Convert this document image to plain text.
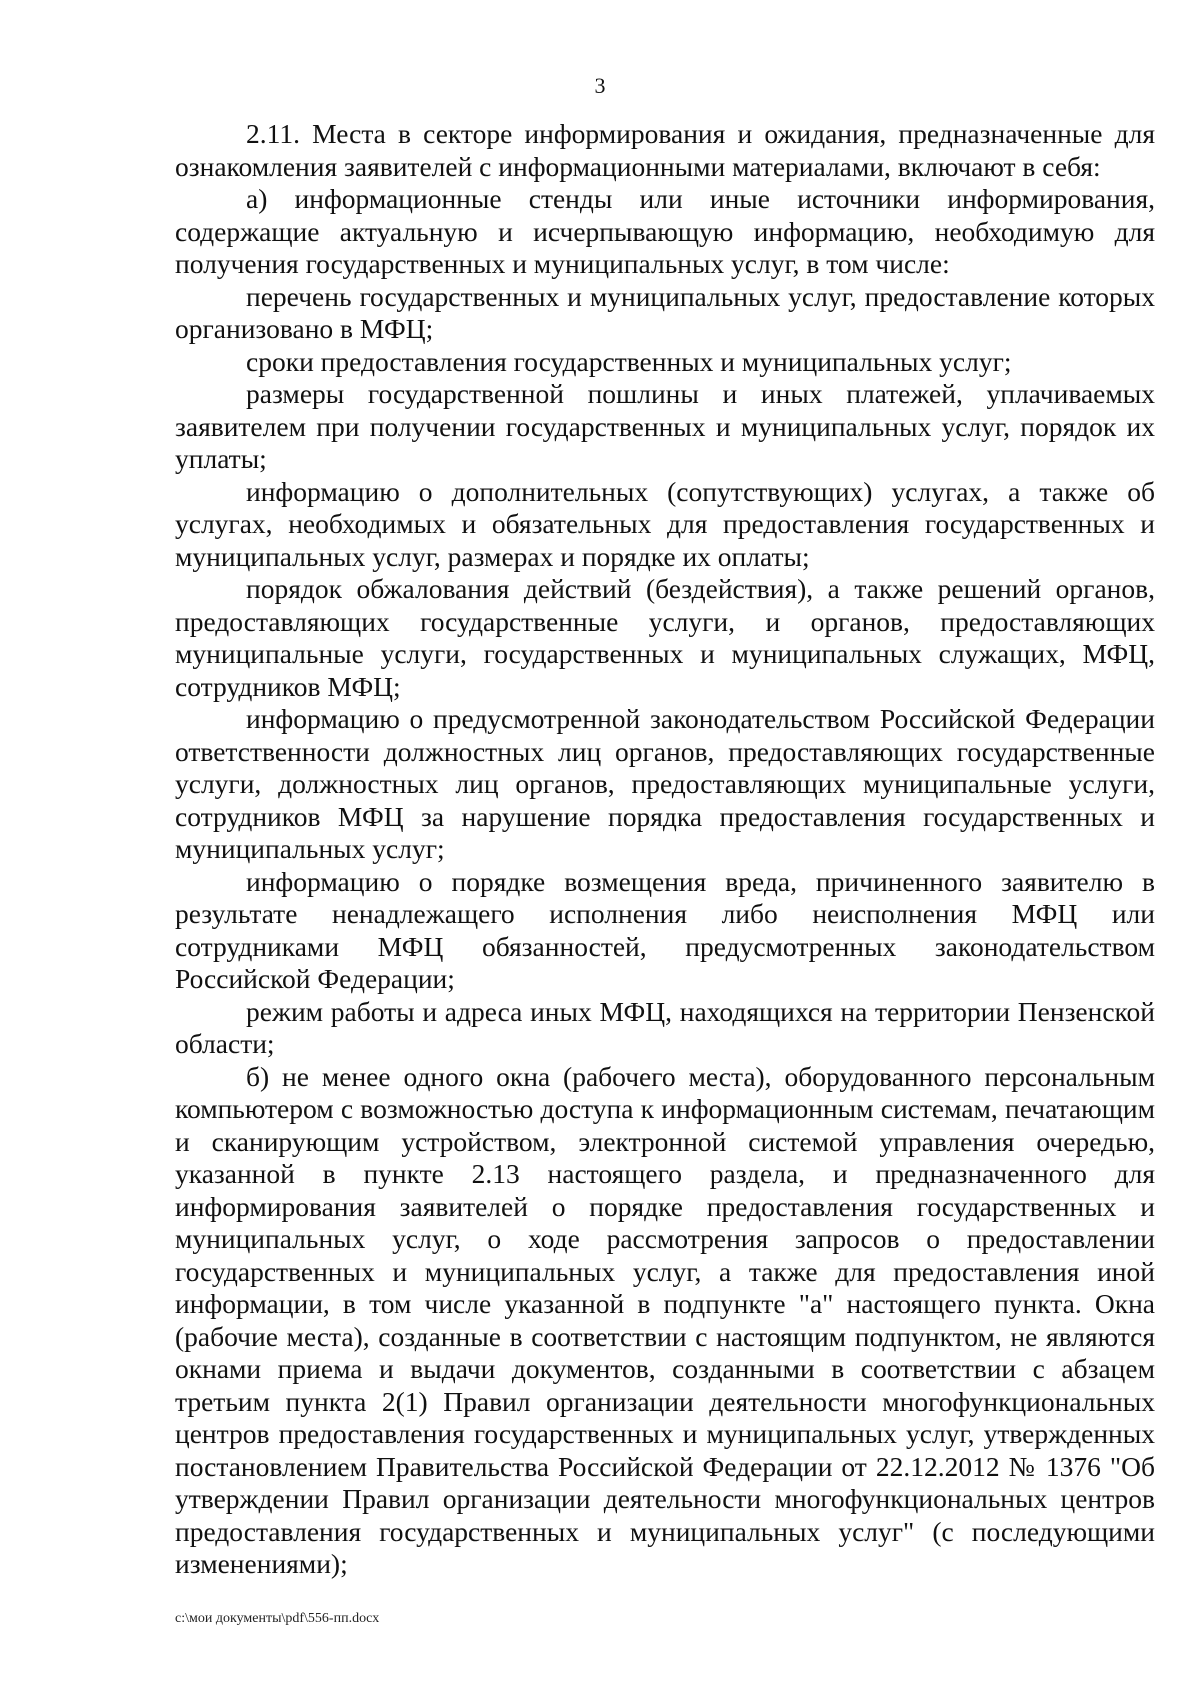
3

2.11. Места в секторе информирования и ожидания, предназначенные для ознакомления заявителей с информационными материалами, включают в себя:

а) информационные стенды или иные источники информирования, содержащие актуальную и исчерпывающую информацию, необходимую для получения государственных и муниципальных услуг, в том числе:

перечень государственных и муниципальных услуг, предоставление которых организовано в МФЦ;

сроки предоставления государственных и муниципальных услуг;

размеры государственной пошлины и иных платежей, уплачиваемых заявителем при получении государственных и муниципальных услуг, порядок их уплаты;

информацию о дополнительных (сопутствующих) услугах, а также об услугах, необходимых и обязательных для предоставления государственных и муниципальных услуг, размерах и порядке их оплаты;

порядок обжалования действий (бездействия), а также решений органов, предоставляющих государственные услуги, и органов, предоставляющих муниципальные услуги, государственных и муниципальных служащих, МФЦ, сотрудников МФЦ;

информацию о предусмотренной законодательством Российской Федерации ответственности должностных лиц органов, предоставляющих государственные услуги, должностных лиц органов, предоставляющих муниципальные услуги, сотрудников МФЦ за нарушение порядка предоставления государственных и муниципальных услуг;

информацию о порядке возмещения вреда, причиненного заявителю в результате ненадлежащего исполнения либо неисполнения МФЦ или сотрудниками МФЦ обязанностей, предусмотренных законодательством Российской Федерации;

режим работы и адреса иных МФЦ, находящихся на территории Пензенской области;

б) не менее одного окна (рабочего места), оборудованного персональным компьютером с возможностью доступа к информационным системам, печатающим и сканирующим устройством, электронной системой управления очередью, указанной в пункте 2.13 настоящего раздела, и предназначенного для информирования заявителей о порядке предоставления государственных и муниципальных услуг, о ходе рассмотрения запросов о предоставлении государственных и муниципальных услуг, а также для предоставления иной информации, в том числе указанной в подпункте "а" настоящего пункта. Окна (рабочие места), созданные в соответствии с настоящим подпунктом, не являются окнами приема и выдачи документов, созданными в соответствии с абзацем третьим пункта 2(1) Правил организации деятельности многофункциональных центров предоставления государственных и муниципальных услуг, утвержденных постановлением Правительства Российской Федерации от 22.12.2012 № 1376 "Об утверждении Правил организации деятельности многофункциональных центров предоставления государственных и муниципальных услуг" (с последующими изменениями);

c:\мои документы\pdf\556-пп.docx
